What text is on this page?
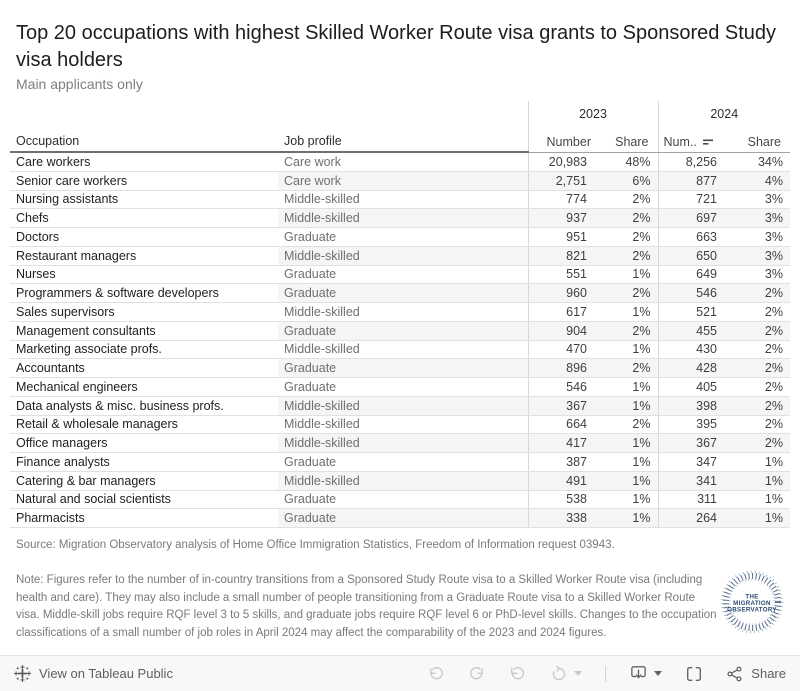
Top 20 occupations with highest Skilled Worker Route visa grants to Sponsored Study visa holders
Main applicants only
		2023		2024	
Occupation	Job profile	Number	Share	Num..	Share
Care workers	Care work	20,983	48%	8,256	34%
Senior care workers	Care work	2,751	6%	877	4%
Nursing assistants	Middle-skilled	774	2%	721	3%
Chefs	Middle-skilled	937	2%	697	3%
Doctors	Graduate	951	2%	663	3%
Restaurant managers	Middle-skilled	821	2%	650	3%
Nurses	Graduate	551	1%	649	3%
Programmers & software developers	Graduate	960	2%	546	2%
Sales supervisors	Middle-skilled	617	1%	521	2%
Management consultants	Graduate	904	2%	455	2%
Marketing associate profs.	Middle-skilled	470	1%	430	2%
Accountants	Graduate	896	2%	428	2%
Mechanical engineers	Graduate	546	1%	405	2%
Data analysts & misc. business profs.	Middle-skilled	367	1%	398	2%
Retail & wholesale managers	Middle-skilled	664	2%	395	2%
Office managers	Middle-skilled	417	1%	367	2%
Finance analysts	Graduate	387	1%	347	1%
Catering & bar managers	Middle-skilled	491	1%	341	1%
Natural and social scientists	Graduate	538	1%	311	1%
Pharmacists	Graduate	338	1%	264	1%
Source: Migration Observatory analysis of Home Office Immigration Statistics, Freedom of Information request 03943.
Note: Figures refer to the number of in-country transitions from a Sponsored Study Route visa to a Skilled Worker Route visa (including health and care). They may also include a small number of people transitioning from a Graduate Route visa to a Skilled Worker Route visa. Middle-skill jobs require RQF level 3 to 5 skills, and graduate jobs require RQF level 6 or PhD-level skills. Changes to the occupation classifications of a small number of job roles in April 2024 may affect the comparability of the 2023 and 2024 figures.
THE
MIGRATION
OBSERVATORY
View on Tableau Public	Share
